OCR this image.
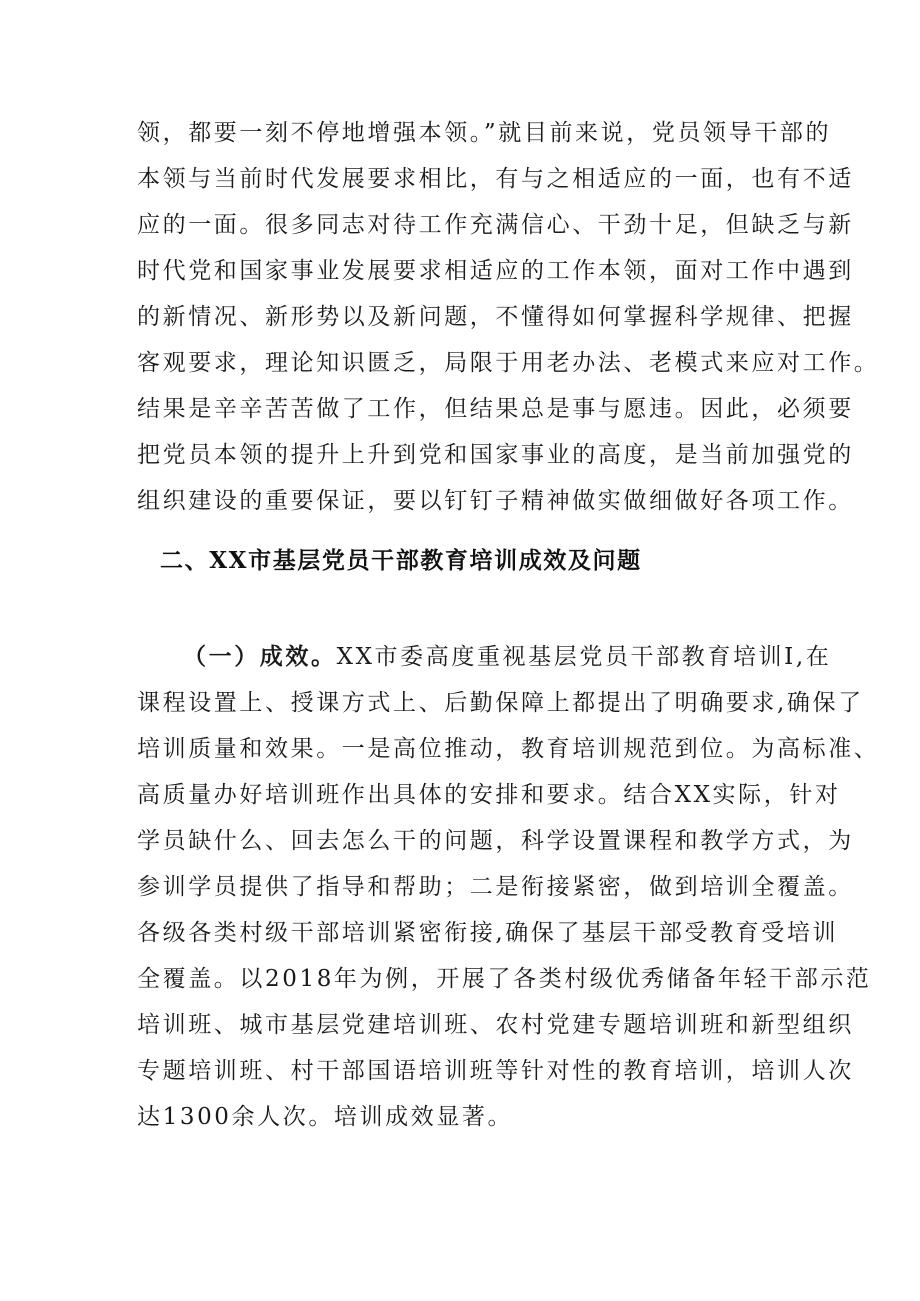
领，都要一刻不停地增强本领。”就目前来说，党员领导干部的
本领与当前时代发展要求相比，有与之相适应的一面，也有不适
应的一面。很多同志对待工作充满信心、干劲十足，但缺乏与新
时代党和国家事业发展要求相适应的工作本领，面对工作中遇到
的新情况、新形势以及新问题，不懂得如何掌握科学规律、把握
客观要求，理论知识匮乏，局限于用老办法、老模式来应对工作。
结果是辛辛苦苦做了工作，但结果总是事与愿违。因此，必须要
把党员本领的提升上升到党和国家事业的高度，是当前加强党的
组织建设的重要保证，要以钉钉子精神做实做细做好各项工作。
二、XX市基层党员干部教育培训成效及问题
（一）成效。XX市委高度重视基层党员干部教育培训I,在
课程设置上、授课方式上、后勤保障上都提出了明确要求,确保了
培训质量和效果。一是高位推动，教育培训规范到位。为高标准、
高质量办好培训班作出具体的安排和要求。结合XX实际，针对
学员缺什么、回去怎么干的问题，科学设置课程和教学方式，为
参训学员提供了指导和帮助；二是衔接紧密，做到培训全覆盖。
各级各类村级干部培训紧密衔接,确保了基层干部受教育受培训
全覆盖。以2018年为例，开展了各类村级优秀储备年轻干部示范
培训班、城市基层党建培训班、农村党建专题培训班和新型组织
专题培训班、村干部国语培训班等针对性的教育培训，培训人次
达1300余人次。培训成效显著。
